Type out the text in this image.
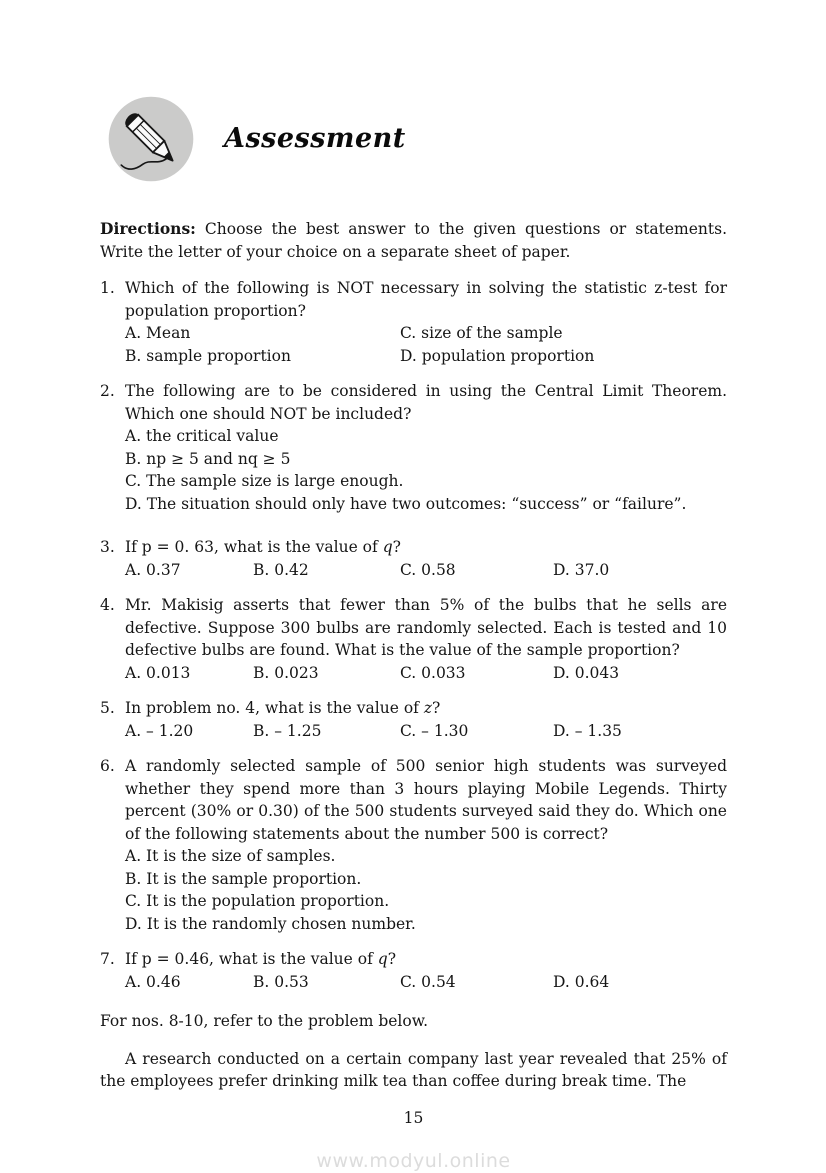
Assessment
Directions: Choose the best answer to the given questions or statements. Write the letter of your choice on a separate sheet of paper.
1. Which of the following is NOT necessary in solving the statistic z-test for population proportion?
A. Mean	C. size of the sample
B. sample proportion	D. population proportion
2. The following are to be considered in using the Central Limit Theorem. Which one should NOT be included?
A. the critical value
B. np ≥ 5 and nq ≥ 5
C. The sample size is large enough.
D. The situation should only have two outcomes: “success” or “failure”.
3. If p = 0. 63, what is the value of q?
A. 0.37	B. 0.42	C. 0.58	D. 37.0
4. Mr. Makisig asserts that fewer than 5% of the bulbs that he sells are defective. Suppose 300 bulbs are randomly selected. Each is tested and 10 defective bulbs are found. What is the value of the sample proportion?
A. 0.013	B. 0.023	C. 0.033	D. 0.043
5. In problem no. 4, what is the value of z?
A. – 1.20	B. – 1.25	C. – 1.30	D. – 1.35
6. A randomly selected sample of 500 senior high students was surveyed whether they spend more than 3 hours playing Mobile Legends. Thirty percent (30% or 0.30) of the 500 students surveyed said they do. Which one of the following statements about the number 500 is correct?
A. It is the size of samples.
B. It is the sample proportion.
C. It is the population proportion.
D. It is the randomly chosen number.
7. If p = 0.46, what is the value of q?
A. 0.46	B. 0.53	C. 0.54	D. 0.64
For nos. 8-10, refer to the problem below.
A research conducted on a certain company last year revealed that 25% of the employees prefer drinking milk tea than coffee during break time. The
15
www.modyul.online
